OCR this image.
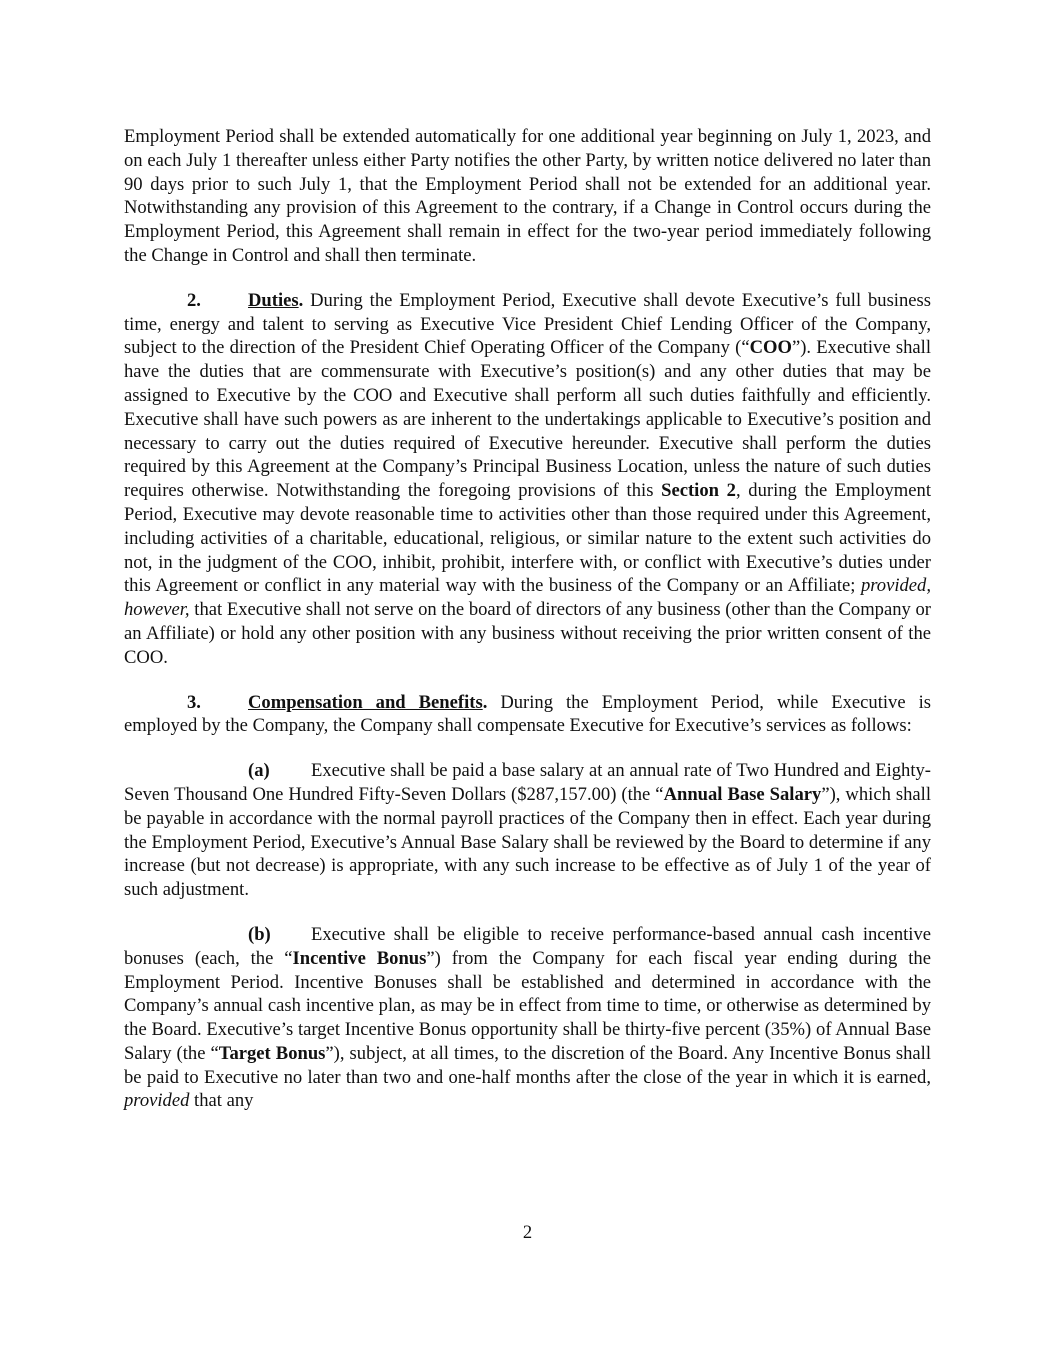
Employment Period shall be extended automatically for one additional year beginning on July 1, 2023, and on each July 1 thereafter unless either Party notifies the other Party, by written notice delivered no later than 90 days prior to such July 1, that the Employment Period shall not be extended for an additional year. Notwithstanding any provision of this Agreement to the contrary, if a Change in Control occurs during the Employment Period, this Agreement shall remain in effect for the two-year period immediately following the Change in Control and shall then terminate.

2.	Duties. During the Employment Period, Executive shall devote Executive’s full business time, energy and talent to serving as Executive Vice President Chief Lending Officer of the Company, subject to the direction of the President Chief Operating Officer of the Company (“COO”). Executive shall have the duties that are commensurate with Executive’s position(s) and any other duties that may be assigned to Executive by the COO and Executive shall perform all such duties faithfully and efficiently. Executive shall have such powers as are inherent to the undertakings applicable to Executive’s position and necessary to carry out the duties required of Executive hereunder. Executive shall perform the duties required by this Agreement at the Company’s Principal Business Location, unless the nature of such duties requires otherwise. Notwithstanding the foregoing provisions of this Section 2, during the Employment Period, Executive may devote reasonable time to activities other than those required under this Agreement, including activities of a charitable, educational, religious, or similar nature to the extent such activities do not, in the judgment of the COO, inhibit, prohibit, interfere with, or conflict with Executive’s duties under this Agreement or conflict in any material way with the business of the Company or an Affiliate; provided, however, that Executive shall not serve on the board of directors of any business (other than the Company or an Affiliate) or hold any other position with any business without receiving the prior written consent of the COO.

3.	Compensation and Benefits. During the Employment Period, while Executive is employed by the Company, the Company shall compensate Executive for Executive’s services as follows:

(a) Executive shall be paid a base salary at an annual rate of Two Hundred and Eighty-Seven Thousand One Hundred Fifty-Seven Dollars ($287,157.00) (the “Annual Base Salary”), which shall be payable in accordance with the normal payroll practices of the Company then in effect. Each year during the Employment Period, Executive’s Annual Base Salary shall be reviewed by the Board to determine if any increase (but not decrease) is appropriate, with any such increase to be effective as of July 1 of the year of such adjustment.

(b) Executive shall be eligible to receive performance-based annual cash incentive bonuses (each, the “Incentive Bonus”) from the Company for each fiscal year ending during the Employment Period. Incentive Bonuses shall be established and determined in accordance with the Company’s annual cash incentive plan, as may be in effect from time to time, or otherwise as determined by the Board. Executive’s target Incentive Bonus opportunity shall be thirty-five percent (35%) of Annual Base Salary (the “Target Bonus”), subject, at all times, to the discretion of the Board. Any Incentive Bonus shall be paid to Executive no later than two and one-half months after the close of the year in which it is earned, provided that any

2
